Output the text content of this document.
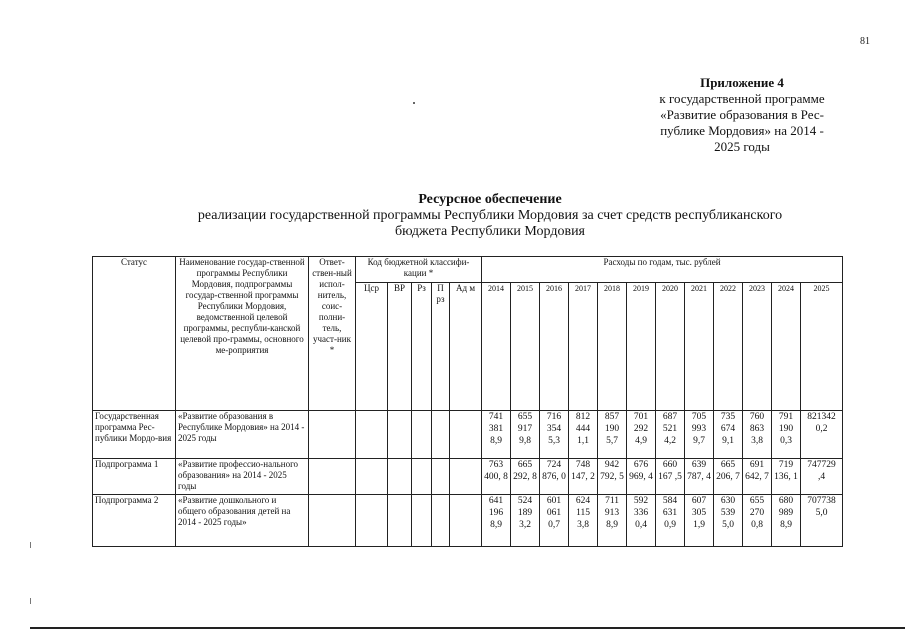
81
Приложение 4
к государственной программе
«Развитие образования в Рес-
публике Мордовия» на 2014 -
2025 годы
Ресурсное обеспечение
реализации государственной программы Республики Мордовия за счет средств республиканского
бюджета Республики Мордовия
Статус	Наименование государ-ственной программы Республики Мордовия, подпрограммы государ-ственной программы Республики Мордовия, ведомственной целевой программы, республи-канской целевой про-граммы, основного ме-роприятия	Ответ-ствен-ный испол-нитель, соис-полни-тель, участ-ник *	Код бюджетной классифи-кации *					Расходы по годам, тыс. рублей											
			Цср	ВР	Рз	П рз	Ад м	2014	2015	2016	2017	2018	2019	2020	2021	2022	2023	2024	2025
Государственная программа Рес-публики Мордо-вия	«Развитие образования в Республике Мордовия» на 2014 - 2025 годы							741 381 8,9	655 917 9,8	716 354 5,3	812 444 1,1	857 190 5,7	701 292 4,9	687 521 4,2	705 993 9,7	735 674 9,1	760 863 3,8	791 190 0,3	821342 0,2
Подпрограмма 1	«Развитие профессио-нального образования» на 2014 - 2025 годы							763 400, 8	665 292, 8	724 876, 0	748 147, 2	942 792, 5	676 969, 4	660 167 ,5	639 787, 4	665 206, 7	691 642, 7	719 136, 1	747729 ,4
Подпрограмма 2	«Развитие дошкольного и общего образования детей на 2014 - 2025 годы»							641 196 8,9	524 189 3,2	601 061 0,7	624 115 3,8	711 913 8,9	592 336 0,4	584 631 0,9	607 305 1,9	630 539 5,0	655 270 0,8	680 989 8,9	707738 5,0
